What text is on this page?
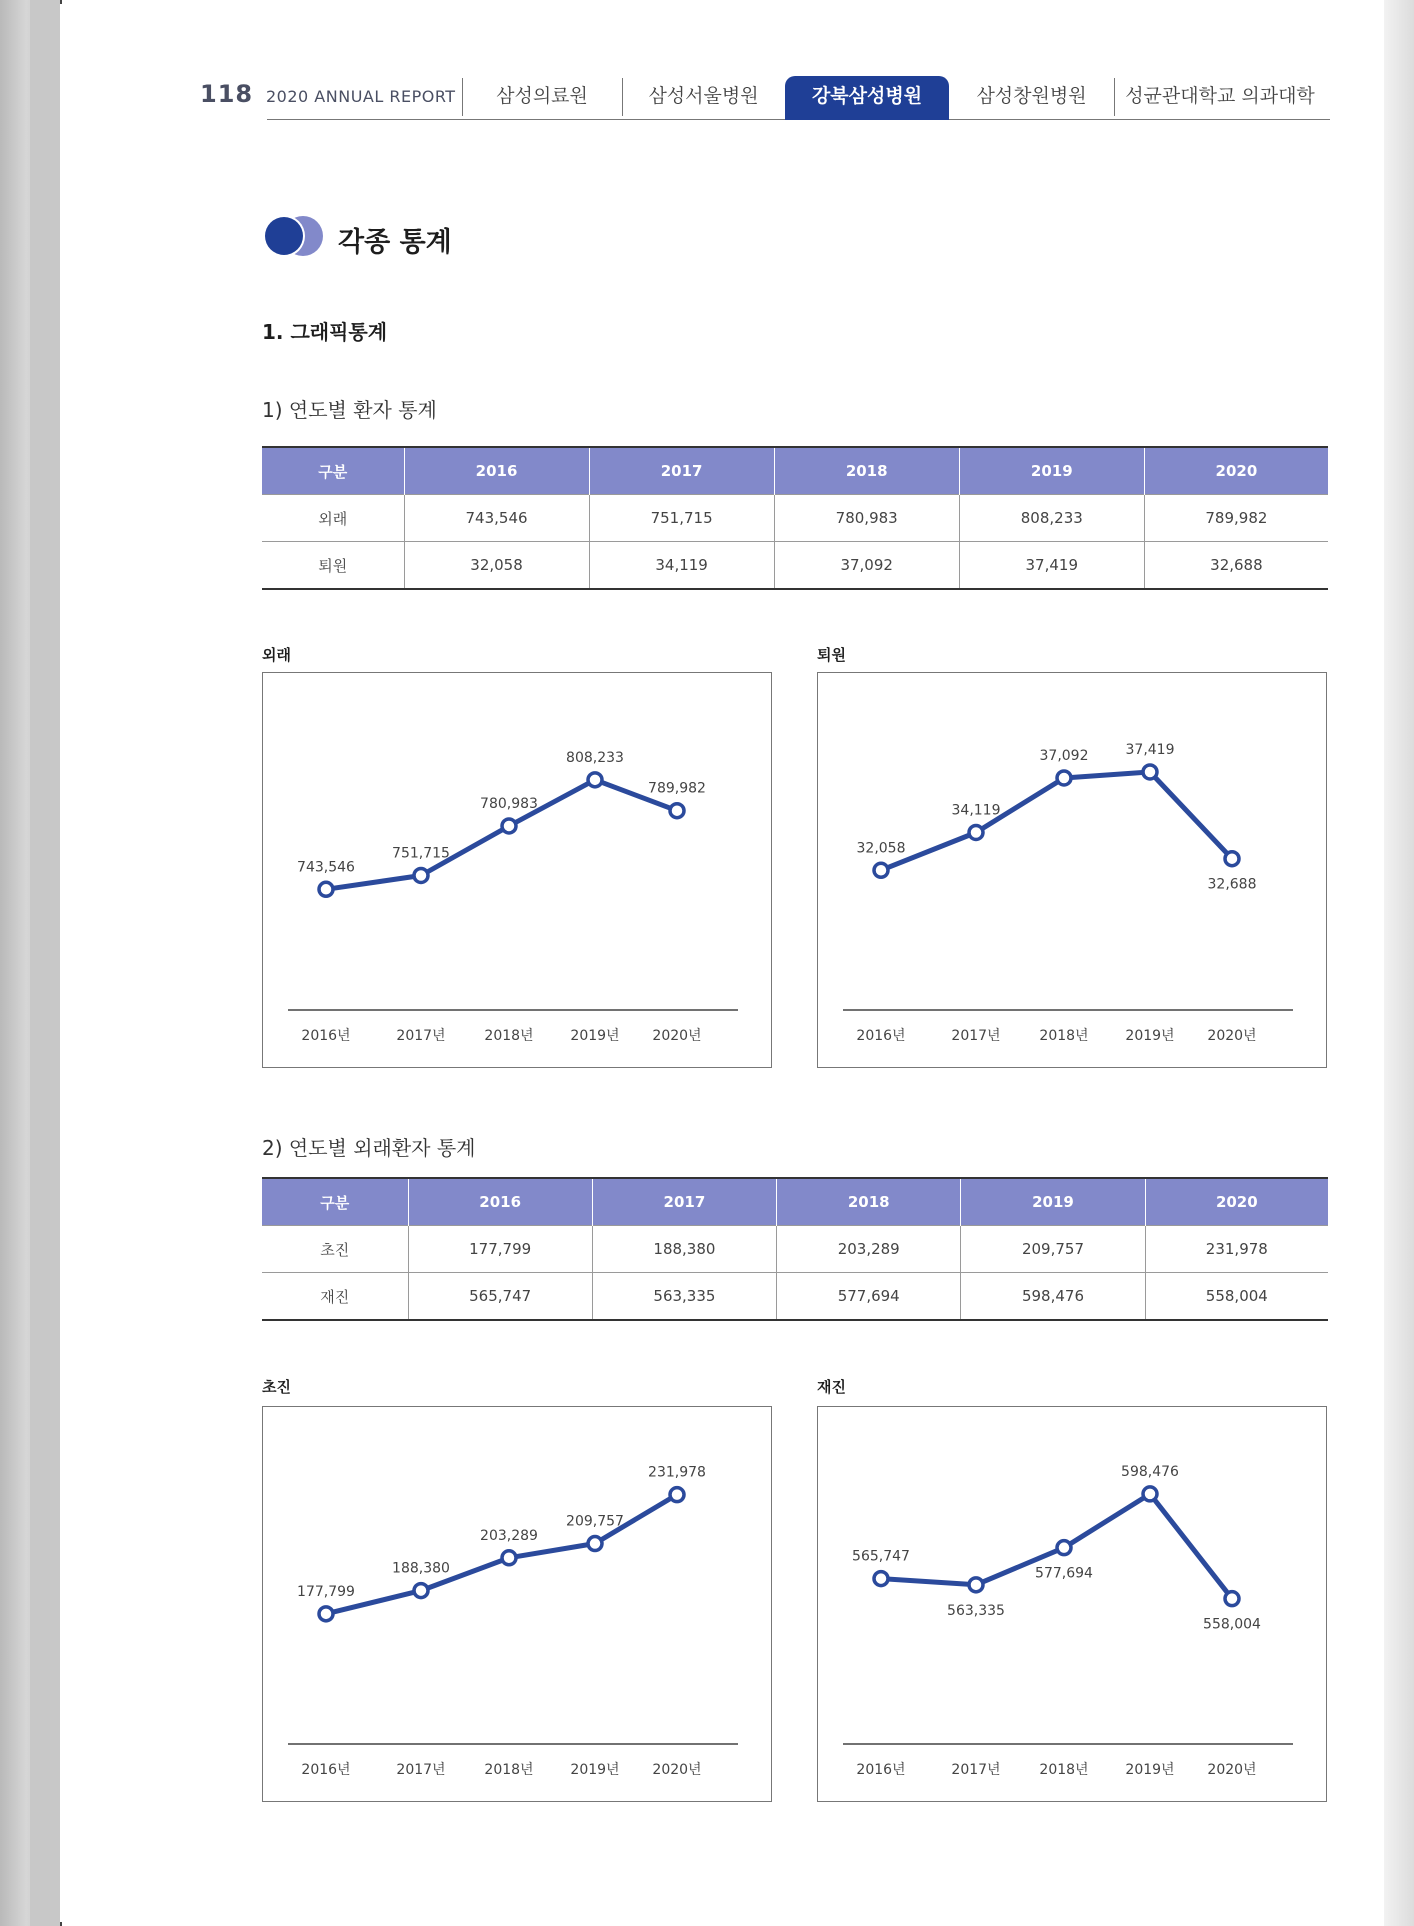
118 2020 ANNUAL REPORT	삼성의료원	삼성서울병원	강북삼성병원	삼성창원병원	성균관대학교 의과대학
각종 통계
1. 그래픽통계
1) 연도별 환자 통계
구분	2016	2017	2018	2019	2020
외래	743,546	751,715	780,983	808,233	789,982
퇴원	32,058	34,119	37,092	37,419	32,688
외래
743,546
2016년
751,715
2017년
780,983
2018년
808,233
2019년
789,982
2020년
퇴원
32,058
2016년
34,119
2017년
37,092
2018년
37,419
2019년
32,688
2020년
2) 연도별 외래환자 통계
구분	2016	2017	2018	2019	2020
초진	177,799	188,380	203,289	209,757	231,978
재진	565,747	563,335	577,694	598,476	558,004
초진
177,799
2016년
188,380
2017년
203,289
2018년
209,757
2019년
231,978
2020년
재진
565,747
2016년
563,335
2017년
577,694
2018년
598,476
2019년
558,004
2020년
